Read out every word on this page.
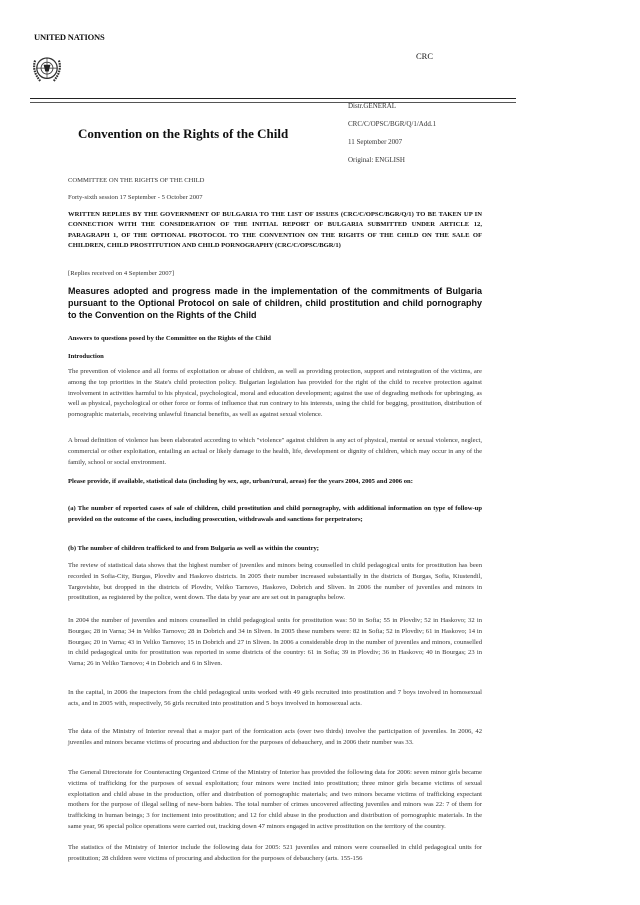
UNITED NATIONS
CRC
Distr.GENERAL
CRC/C/OPSC/BGR/Q/1/Add.1
11 September 2007
Original: ENGLISH
Convention on the Rights of the Child
COMMITTEE ON THE RIGHTS OF THE CHILD
Forty-sixth session 17 September - 5 October 2007
WRITTEN REPLIES BY THE GOVERNMENT OF BULGARIA TO THE LIST OF ISSUES (CRC/C/OPSC/BGR/Q/1) TO BE TAKEN UP IN CONNECTION WITH THE CONSIDERATION OF THE INITIAL REPORT OF BULGARIA SUBMITTED UNDER ARTICLE 12, PARAGRAPH 1, OF THE OPTIONAL PROTOCOL TO THE CONVENTION ON THE RIGHTS OF THE CHILD ON THE SALE OF CHILDREN, CHILD PROSTITUTION AND CHILD PORNOGRAPHY (CRC/C/OPSC/BGR/1)
[Replies received on 4 September 2007]
Measures adopted and progress made in the implementation of the commitments of Bulgaria pursuant to the Optional Protocol on sale of children, child prostitution and child pornography to the Convention on the Rights of the Child
Answers to questions posed by the Committee on the Rights of the Child
Introduction
The prevention of violence and all forms of exploitation or abuse of children, as well as providing protection, support and reintegration of the victims, are among the top priorities in the State's child protection policy. Bulgarian legislation has provided for the right of the child to receive protection against involvement in activities harmful to his physical, psychological, moral and education development; against the use of degrading methods for upbringing, as well as physical, psychological or other force or forms of influence that run contrary to his interests, using the child for begging, prostitution, distribution of pornographic materials, receiving unlawful financial benefits, as well as against sexual violence.
A broad definition of violence has been elaborated according to which "violence" against children is any act of physical, mental or sexual violence, neglect, commercial or other exploitation, entailing an actual or likely damage to the health, life, development or dignity of children, which may occur in any of the family, school or social environment.
Please provide, if available, statistical data (including by sex, age, urban/rural, areas) for the years 2004, 2005 and 2006 on:
(a) The number of reported cases of sale of children, child prostitution and child pornography, with additional information on type of follow-up provided on the outcome of the cases, including prosecution, withdrawals and sanctions for perpetrators;
(b) The number of children trafficked to and from Bulgaria as well as within the country;
The review of statistical data shows that the highest number of juveniles and minors being counselled in child pedagogical units for prostitution has been recorded in Sofia-City, Burgas, Plovdiv and Haskovo districts. In 2005 their number increased substantially in the districts of Burgas, Sofia, Kiustendil, Targovishte, but dropped in the districts of Plovdiv, Veliko Tarnovo, Haskovo, Dobrich and Sliven. In 2006 the number of juveniles and minors in prostitution, as registered by the police, went down. The data by year are are set out in paragraphs below.
In 2004 the number of juveniles and minors counselled in child pedagogical units for prostitution was: 50 in Sofia; 55 in Plovdiv; 52 in Haskovo; 32 in Bourgas; 28 in Varna; 34 in Veliko Tarnovo; 28 in Dobrich and 34 in Sliven. In 2005 these numbers were: 82 in Sofia; 52 in Plovdiv; 61 in Haskovo; 14 in Bourgas; 20 in Varna; 43 in Veliko Tarnovo; 15 in Dobrich and 27 in Sliven. In 2006 a considerable drop in the number of juveniles and minors, counselled in child pedagogical units for prostitution was reported in some districts of the country: 61 in Sofia; 39 in Plovdiv; 36 in Haskovo; 40 in Bourgas; 23 in Varna; 26 in Veliko Tarnovo; 4 in Dobrich and 6 in Sliven.
In the capital, in 2006 the inspectors from the child pedagogical units worked with 49 girls recruited into prostitution and 7 boys involved in homosexual acts, and in 2005 with, respectively, 56 girls recruited into prostitution and 5 boys involved in homosexual acts.
The data of the Ministry of Interior reveal that a major part of the fornication acts (over two thirds) involve the participation of juveniles. In 2006, 42 juveniles and minors became victims of procuring and abduction for the purposes of debauchery, and in 2006 their number was 33.
The General Directorate for Counteracting Organized Crime of the Ministry of Interior has provided the following data for 2006: seven minor girls became victims of trafficking for the purposes of sexual exploitation; four minors were incited into prostitution; three minor girls became victims of sexual exploitation and child abuse in the production, offer and distribution of pornographic materials; and two minors became victims of trafficking expectant mothers for the purpose of illegal selling of new-born babies. The total number of crimes uncovered affecting juveniles and minors was 22: 7 of them for trafficking in human beings; 3 for incitement into prostitution; and 12 for child abuse in the production and distribution of pornographic materials. In the same year, 96 special police operations were carried out, tracking down 47 minors engaged in active prostitution on the territory of the country.
The statistics of the Ministry of Interior include the following data for 2005: 521 juveniles and minors were counselled in child pedagogical units for prostitution; 28 children were victims of procuring and abduction for the purposes of debauchery (arts. 155-156
